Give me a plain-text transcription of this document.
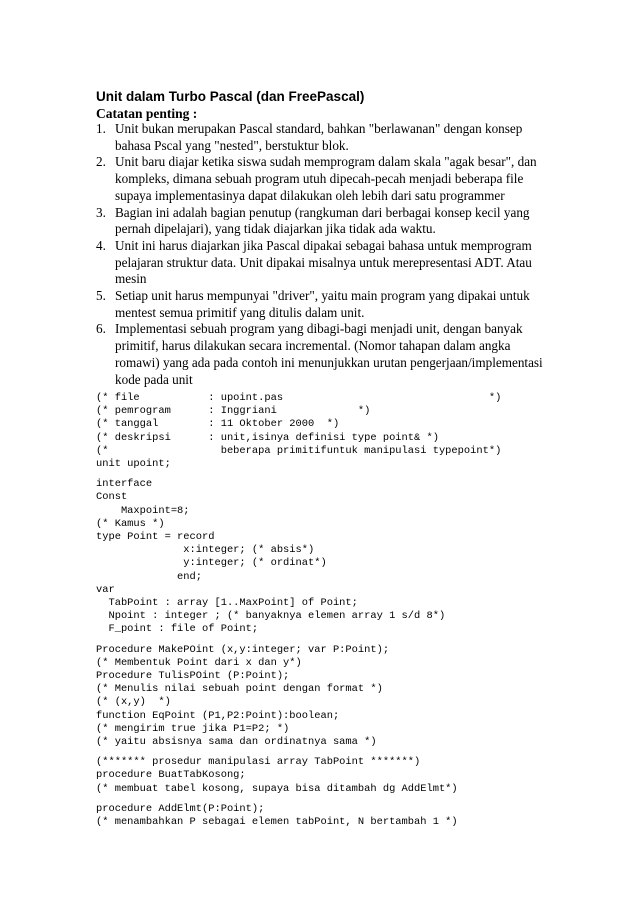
Unit dalam Turbo Pascal (dan FreePascal)
Catatan penting :
1. Unit bukan merupakan Pascal standard, bahkan "berlawanan" dengan konsep bahasa Pscal yang "nested", berstuktur blok.
2. Unit baru diajar ketika siswa sudah memprogram dalam skala "agak besar", dan kompleks, dimana sebuah program utuh dipecah-pecah menjadi beberapa file supaya implementasinya dapat dilakukan oleh lebih dari satu programmer
3. Bagian ini adalah bagian penutup (rangkuman dari berbagai konsep kecil yang pernah dipelajari), yang tidak diajarkan jika tidak ada waktu.
4. Unit ini harus diajarkan jika Pascal dipakai sebagai bahasa untuk memprogram pelajaran struktur data. Unit dipakai misalnya untuk merepresentasi ADT. Atau mesin
5. Setiap unit harus mempunyai "driver", yaitu main program yang dipakai untuk mentest semua primitif yang ditulis dalam unit.
6. Implementasi sebuah program yang dibagi-bagi menjadi unit, dengan banyak primitif, harus dilakukan secara incremental. (Nomor tahapan dalam angka romawi) yang ada pada contoh ini menunjukkan urutan pengerjaan/implementasi kode pada unit
(* file           : upoint.pas                                 *)
(* pemrogram      : Inggriani             *)
(* tanggal        : 11 Oktober 2000  *)
(* deskripsi      : unit,isinya definisi type point& *)
(*                  beberapa primitifuntuk manipulasi typepoint*)
unit upoint;
interface
Const
Maxpoint=8;
(* Kamus *)
type Point = record
x:integer; (* absis*)
y:integer; (* ordinat*)
end;
var
TabPoint : array [1..MaxPoint] of Point;
Npoint : integer ; (* banyaknya elemen array 1 s/d 8*)
F_point : file of Point;
Procedure MakePOint (x,y:integer; var P:Point);
(* Membentuk Point dari x dan y*)
Procedure TulisPOint (P:Point);
(* Menulis nilai sebuah point dengan format *)
(* (x,y)  *)
function EqPoint (P1,P2:Point):boolean;
(* mengirim true jika P1=P2; *)
(* yaitu absisnya sama dan ordinatnya sama *)
(******* prosedur manipulasi array TabPoint *******)
procedure BuatTabKosong;
(* membuat tabel kosong, supaya bisa ditambah dg AddElmt*)
procedure AddElmt(P:Point);
(* menambahkan P sebagai elemen tabPoint, N bertambah 1 *)
